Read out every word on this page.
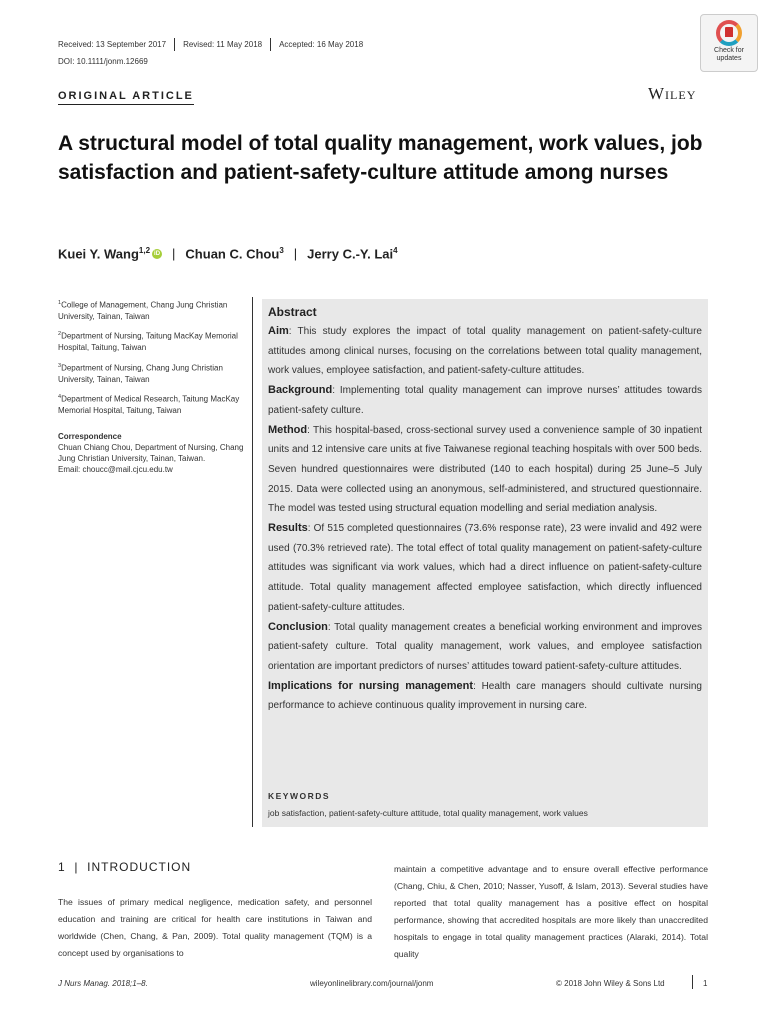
Received: 13 September 2017	Revised: 11 May 2018	Accepted: 16 May 2018
DOI: 10.1111/jonm.12669
Check for
updates
ORIGINAL ARTICLE	Wiley
A structural model of total quality management, work values, job satisfaction and patient-safety-culture attitude among nurses
Kuei Y. Wang$^{1,2}$ iD | Chuan C. Chou$^3$ | Jerry C.-Y. Lai$^4$
$^1$College of Management, Chang Jung Christian University, Tainan, Taiwan
$^2$Department of Nursing, Taitung MacKay Memorial Hospital, Taitung, Taiwan
$^3$Department of Nursing, Chang Jung Christian University, Tainan, Taiwan
$^4$Department of Medical Research, Taitung MacKay Memorial Hospital, Taitung, Taiwan
Correspondence
Chuan Chiang Chou, Department of Nursing, Chang Jung Christian University, Tainan, Taiwan.
Email: choucc@mail.cjcu.edu.tw
Abstract
Aim: This study explores the impact of total quality management on patient-safety-culture attitudes among clinical nurses, focusing on the correlations between total quality management, work values, employee satisfaction, and patient-safety-culture attitudes.
Background: Implementing total quality management can improve nurses’ attitudes towards patient-safety culture.
Method: This hospital-based, cross-sectional survey used a convenience sample of 30 inpatient units and 12 intensive care units at five Taiwanese regional teaching hospitals with over 500 beds. Seven hundred questionnaires were distributed (140 to each hospital) during 25 June–5 July 2015. Data were collected using an anonymous, self-administered, and structured questionnaire. The model was tested using structural equation modelling and serial mediation analysis.
Results: Of 515 completed questionnaires (73.6% response rate), 23 were invalid and 492 were used (70.3% retrieved rate). The total effect of total quality management on patient-safety-culture attitudes was significant via work values, which had a direct influence on patient-safety-culture attitude. Total quality management affected employee satisfaction, which directly influenced patient-safety-culture attitudes.
Conclusion: Total quality management creates a beneficial working environment and improves patient-safety culture. Total quality management, work values, and employee satisfaction orientation are important predictors of nurses’ attitudes toward patient-safety-culture attitudes.
Implications for nursing management: Health care managers should cultivate nursing performance to achieve continuous quality improvement in nursing care.
KEYWORDS
job satisfaction, patient-safety-culture attitude, total quality management, work values
1 | INTRODUCTION
The issues of primary medical negligence, medication safety, and personnel education and training are critical for health care institutions in Taiwan and worldwide (Chen, Chang, & Pan, 2009). Total quality management (TQM) is a concept used by organisations to
maintain a competitive advantage and to ensure overall effective performance (Chang, Chiu, & Chen, 2010; Nasser, Yusoff, & Islam, 2013). Several studies have reported that total quality management has a positive effect on hospital performance, showing that accredited hospitals are more likely than unaccredited hospitals to engage in total quality management practices (Alaraki, 2014). Total quality
J Nurs Manag. 2018;1–8.	wileyonlinelibrary.com/journal/jonm	© 2018 John Wiley & Sons Ltd	1
